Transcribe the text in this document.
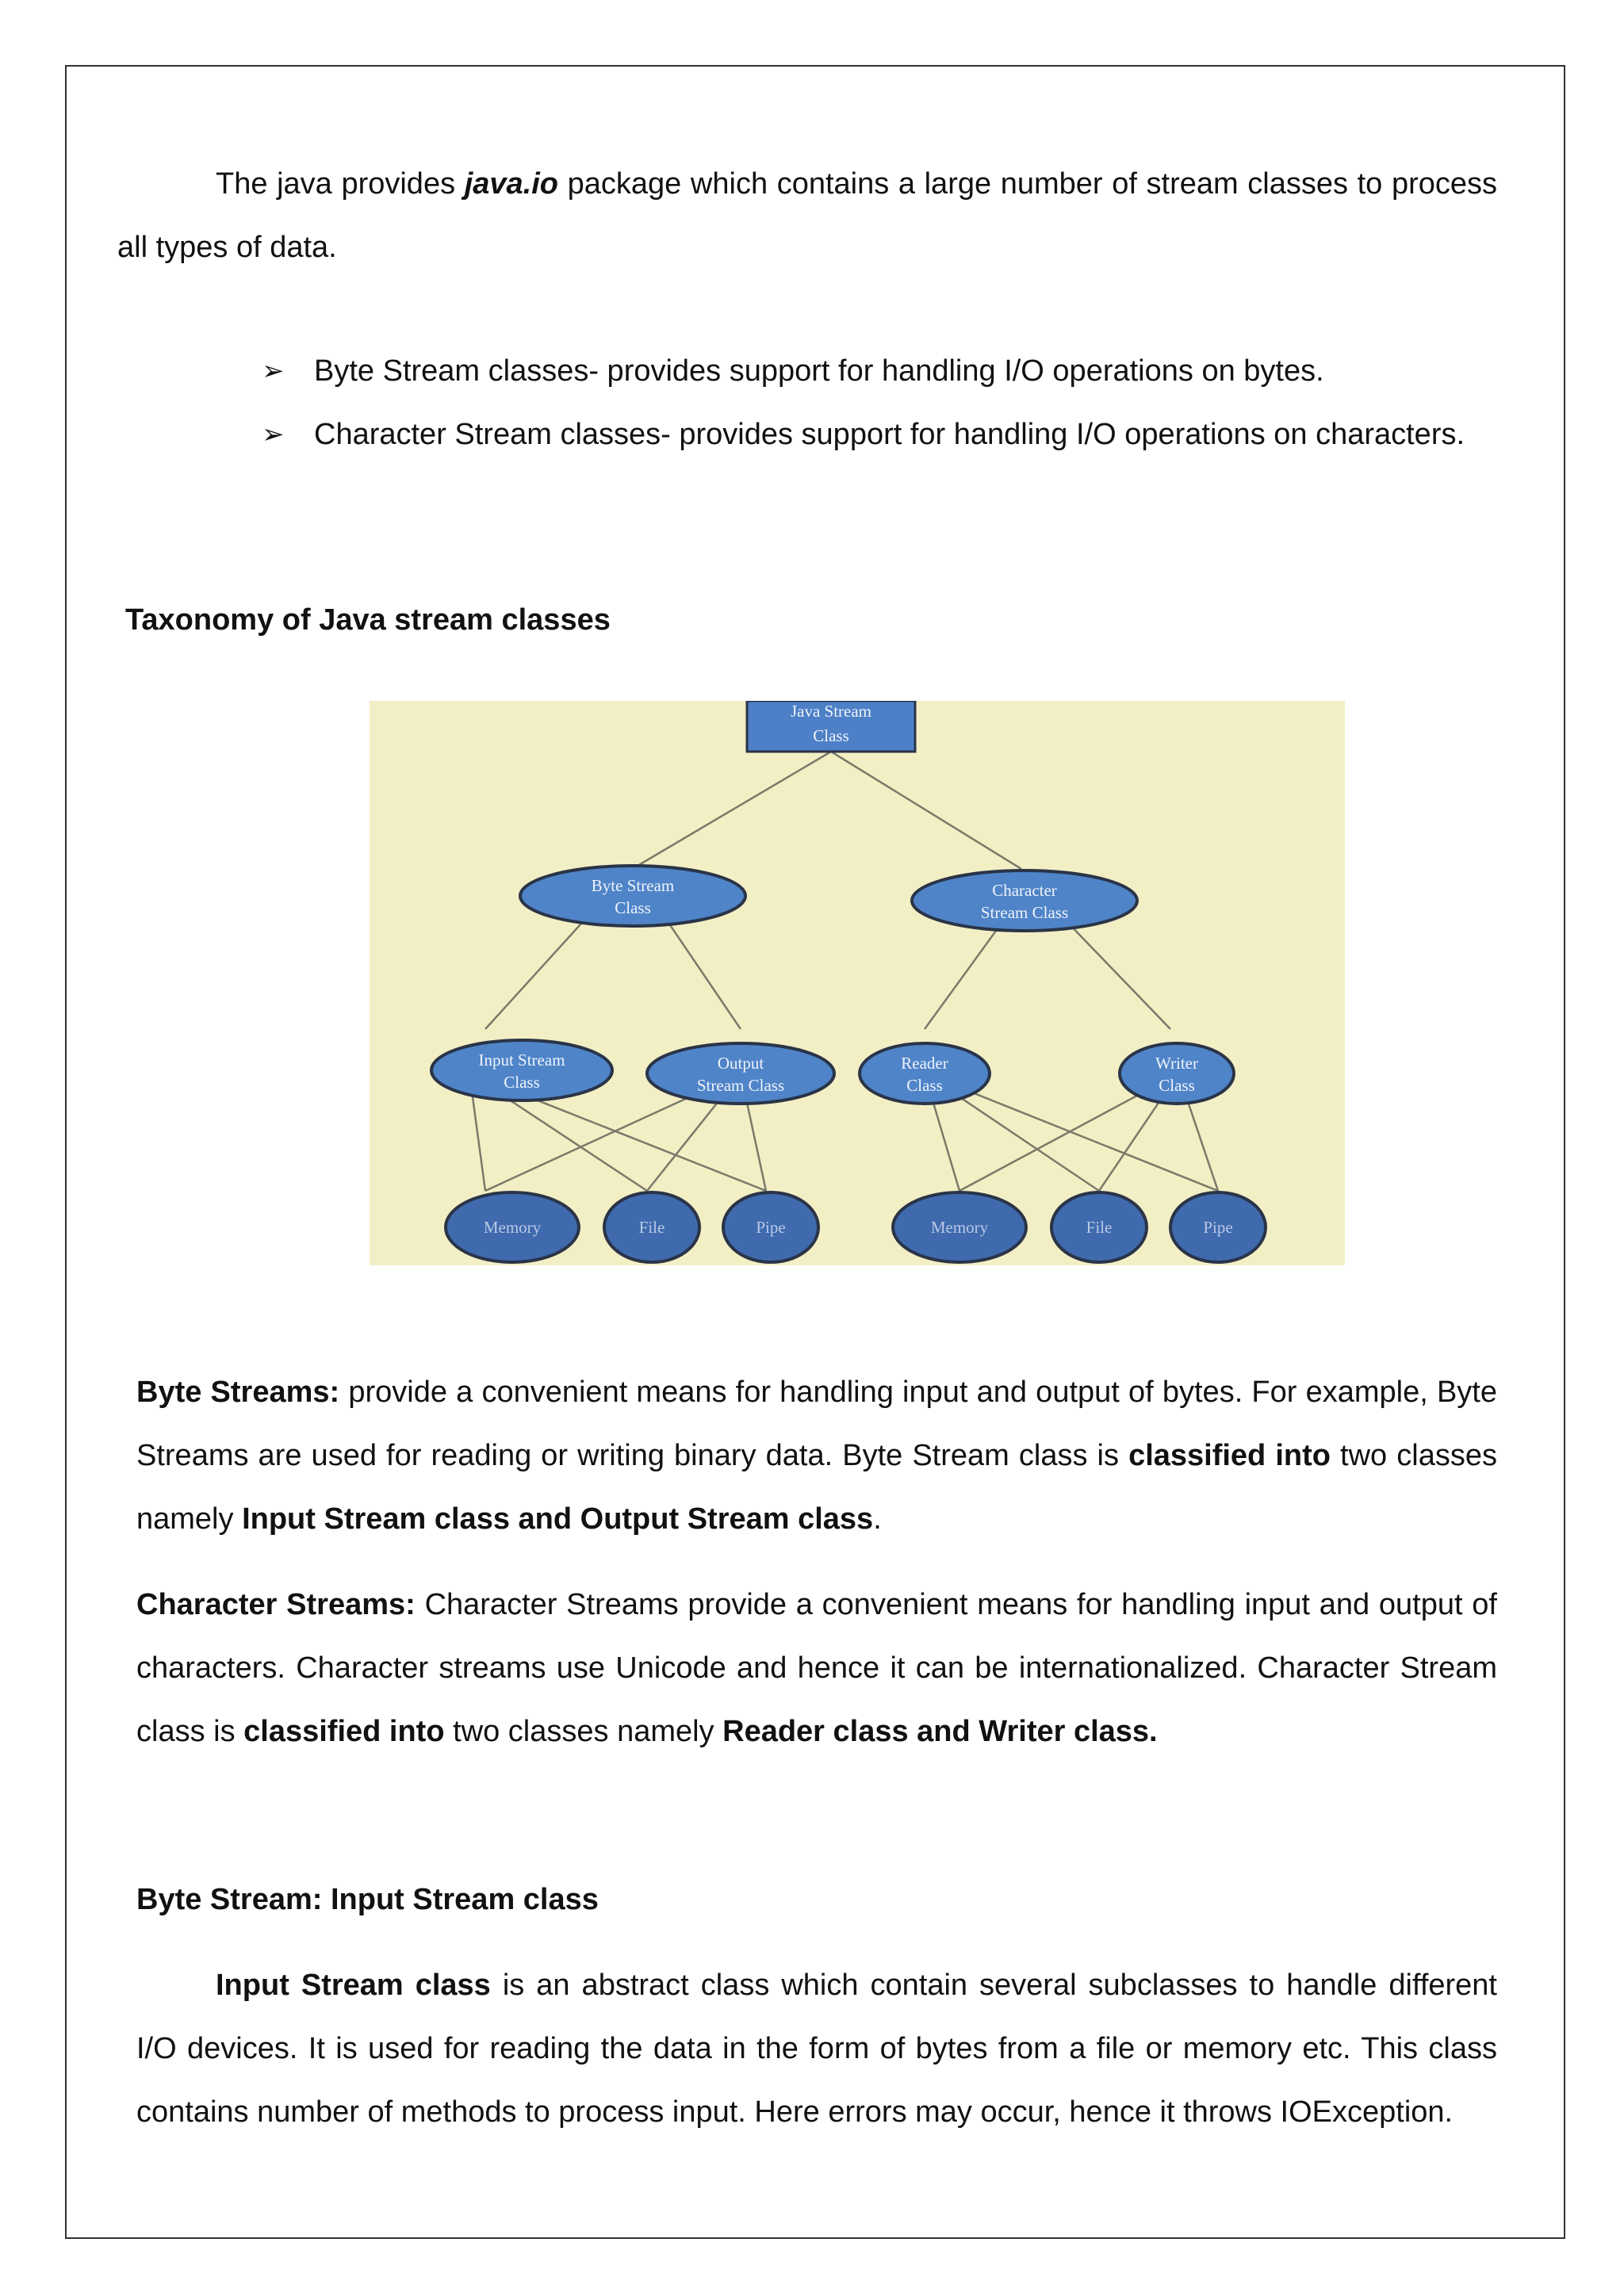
The java provides java.io package which contains a large number of stream classes to process all types of data.

➢ Byte Stream classes- provides support for handling I/O operations on bytes.
➢ Character Stream classes- provides support for handling I/O operations on characters.
Taxonomy of Java stream classes
Java Stream
Class
Byte Stream
Class
Character
Stream Class
Input Stream
Class
Output
Stream Class
Reader
Class
Writer
Class
Memory	File	Pipe	Memory	File	Pipe

Byte Streams: provide a convenient means for handling input and output of bytes. For example, Byte Streams are used for reading or writing binary data. Byte Stream class is classified into two classes namely Input Stream class and Output Stream class.

Character Streams: Character Streams provide a convenient means for handling input and output of characters. Character streams use Unicode and hence it can be internationalized. Character Stream class is classified into two classes namely Reader class and Writer class.

Byte Stream: Input Stream class

Input Stream class is an abstract class which contain several subclasses to handle different I/O devices. It is used for reading the data in the form of bytes from a file or memory etc. This class contains number of methods to process input. Here errors may occur, hence it throws IOException.
